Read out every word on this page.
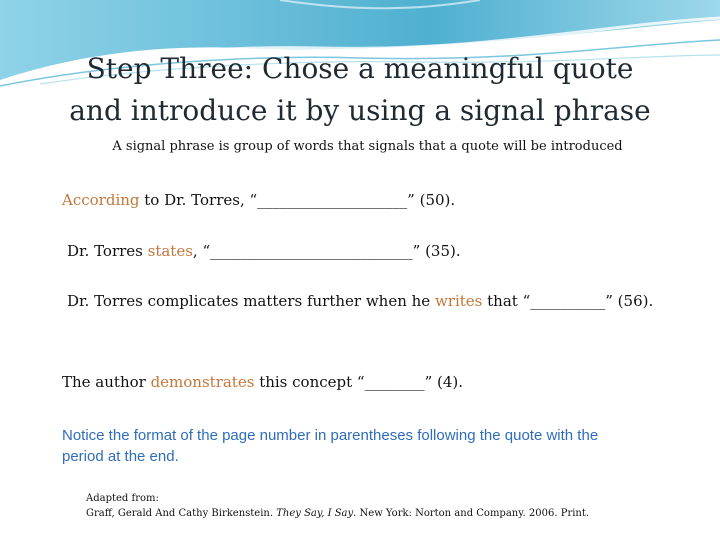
Step Three: Chose a meaningful quote
and introduce it by using a signal phrase
A signal phrase is group of words that signals that a quote will be introduced
According to Dr. Torres, “____________________” (50).
Dr. Torres states, “___________________________” (35).
Dr. Torres complicates matters further when he writes that “__________” (56).
The author demonstrates this concept “________” (4).
Notice the format of the page number in parentheses following the quote with the period at the end.
Adapted from:
Graff, Gerald And Cathy Birkenstein. They Say, I Say. New York: Norton and Company. 2006. Print.
